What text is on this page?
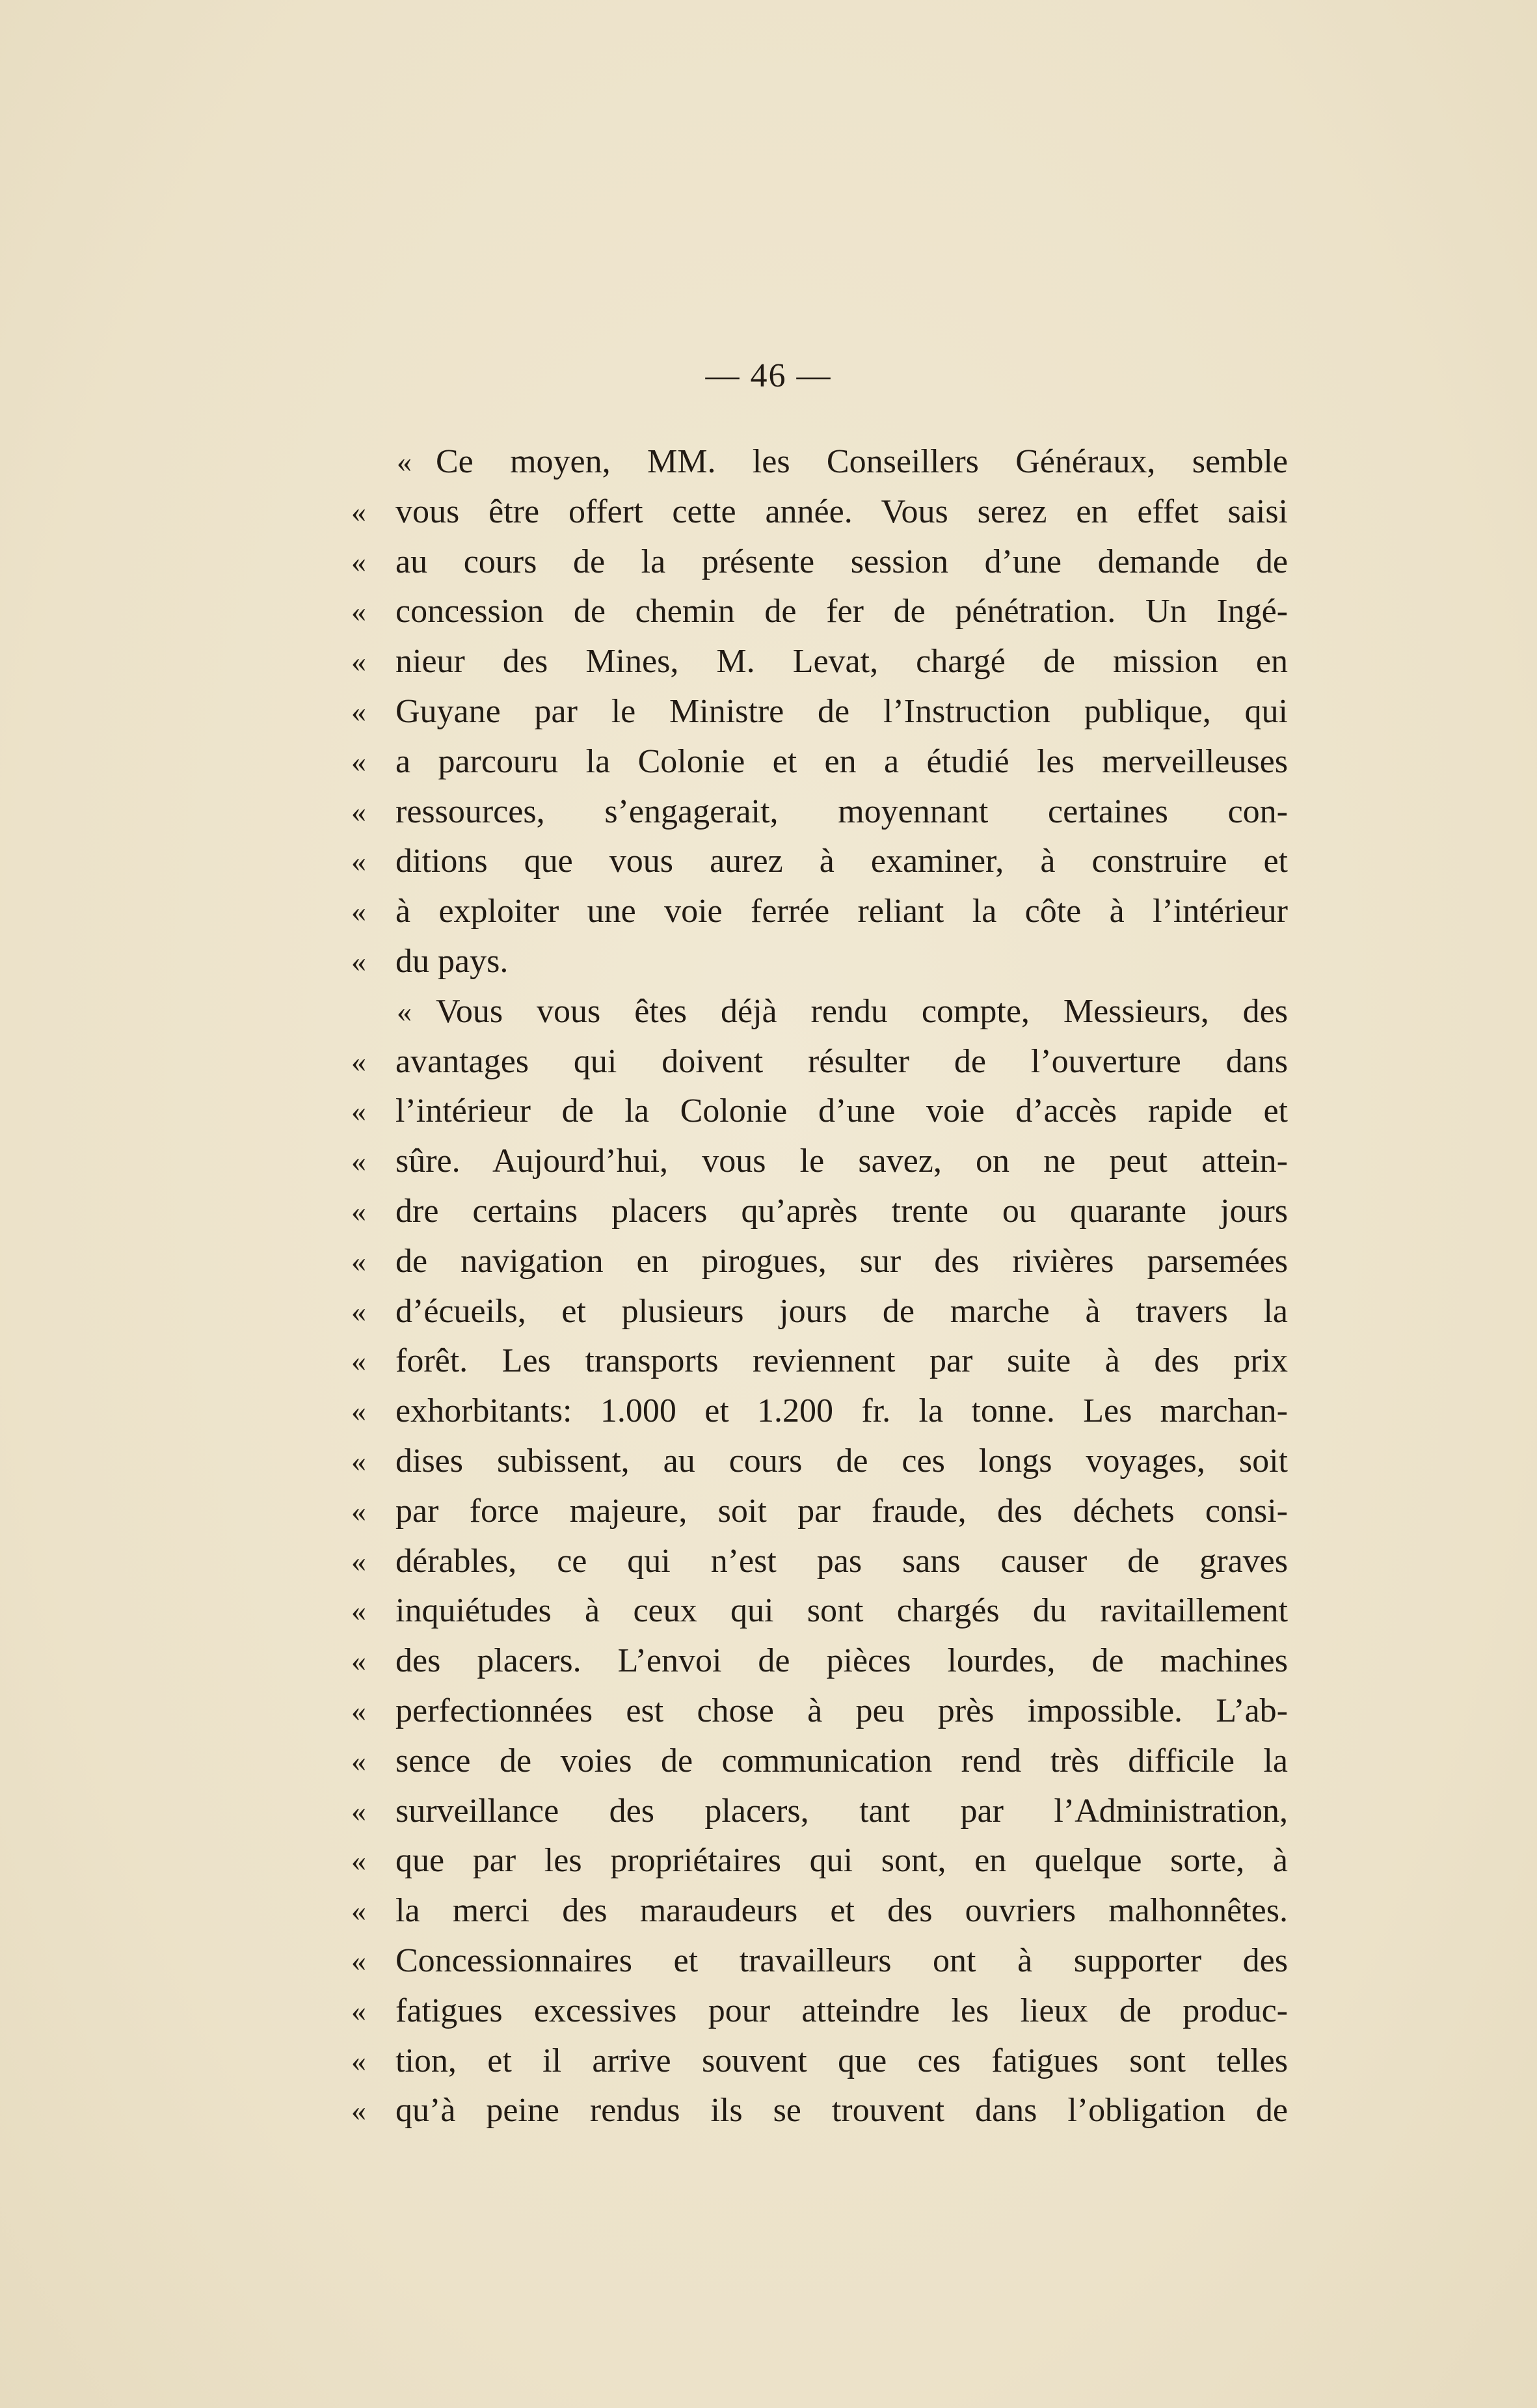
— 46 —
« Ce moyen, MM. les Conseillers Généraux, semble
« vous être offert cette année. Vous serez en effet saisi
« au cours de la présente session d’une demande de
« concession de chemin de fer de pénétration. Un Ingé-
« nieur des Mines, M. Levat, chargé de mission en
« Guyane par le Ministre de l’Instruction publique, qui
« a parcouru la Colonie et en a étudié les merveilleuses
« ressources, s’engagerait, moyennant certaines con-
« ditions que vous aurez à examiner, à construire et
« à exploiter une voie ferrée reliant la côte à l’intérieur
« du pays.
« Vous vous êtes déjà rendu compte, Messieurs, des
« avantages qui doivent résulter de l’ouverture dans
« l’intérieur de la Colonie d’une voie d’accès rapide et
« sûre. Aujourd’hui, vous le savez, on ne peut attein-
« dre certains placers qu’après trente ou quarante jours
« de navigation en pirogues, sur des rivières parsemées
« d’écueils, et plusieurs jours de marche à travers la
« forêt. Les transports reviennent par suite à des prix
« exhorbitants: 1.000 et 1.200 fr. la tonne. Les marchan-
« dises subissent, au cours de ces longs voyages, soit
« par force majeure, soit par fraude, des déchets consi-
« dérables, ce qui n’est pas sans causer de graves
« inquiétudes à ceux qui sont chargés du ravitaillement
« des placers. L’envoi de pièces lourdes, de machines
« perfectionnées est chose à peu près impossible. L’ab-
« sence de voies de communication rend très difficile la
« surveillance des placers, tant par l’Administration,
« que par les propriétaires qui sont, en quelque sorte, à
« la merci des maraudeurs et des ouvriers malhonnêtes.
« Concessionnaires et travailleurs ont à supporter des
« fatigues excessives pour atteindre les lieux de produc-
« tion, et il arrive souvent que ces fatigues sont telles
« qu’à peine rendus ils se trouvent dans l’obligation de
